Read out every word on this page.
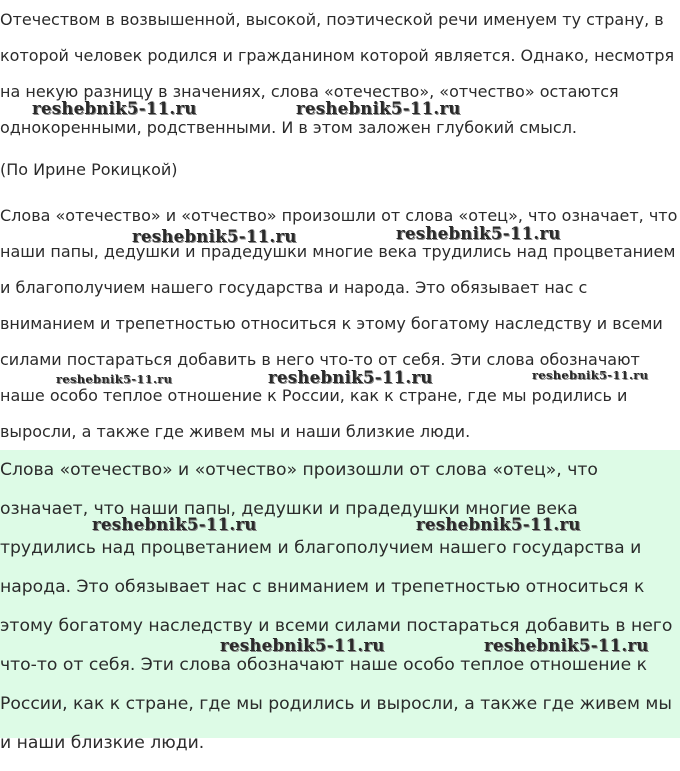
Отечеством в возвышенной, высокой, поэтической речи именуем ту страну, в которой человек родился и гражданином которой является. Однако, несмотря на некую разницу в значениях, слова «отечество», «отчество» остаются однокоренными, родственными. И в этом заложен глубокий смысл.

(По Ирине Рокицкой)

Слова «отечество» и «отчество» произошли от слова «отец», что означает, что наши папы, дедушки и прадедушки многие века трудились над процветанием и благополучием нашего государства и народа. Это обязывает нас с вниманием и трепетностью относиться к этому богатому наследству и всеми силами постараться добавить в него что-то от себя. Эти слова обозначают наше особо теплое отношение к России, как к стране, где мы родились и выросли, а также где живем мы и наши близкие люди.

Слова «отечество» и «отчество» произошли от слова «отец», что означает, что наши папы, дедушки и прадедушки многие века трудились над процветанием и благополучием нашего государства и народа. Это обязывает нас с вниманием и трепетностью относиться к этому богатому наследству и всеми силами постараться добавить в него что-то от себя. Эти слова обозначают наше особо теплое отношение к России, как к стране, где мы родились и выросли, а также где живем мы и наши близкие люди.

reshebnik5-11.ru	reshebnik5-11.ru
reshebnik5-11.ru	reshebnik5-11.ru
reshebnik5-11.ru	reshebnik5-11.ru	reshebnik5-11.ru
reshebnik5-11.ru	reshebnik5-11.ru
reshebnik5-11.ru	reshebnik5-11.ru
